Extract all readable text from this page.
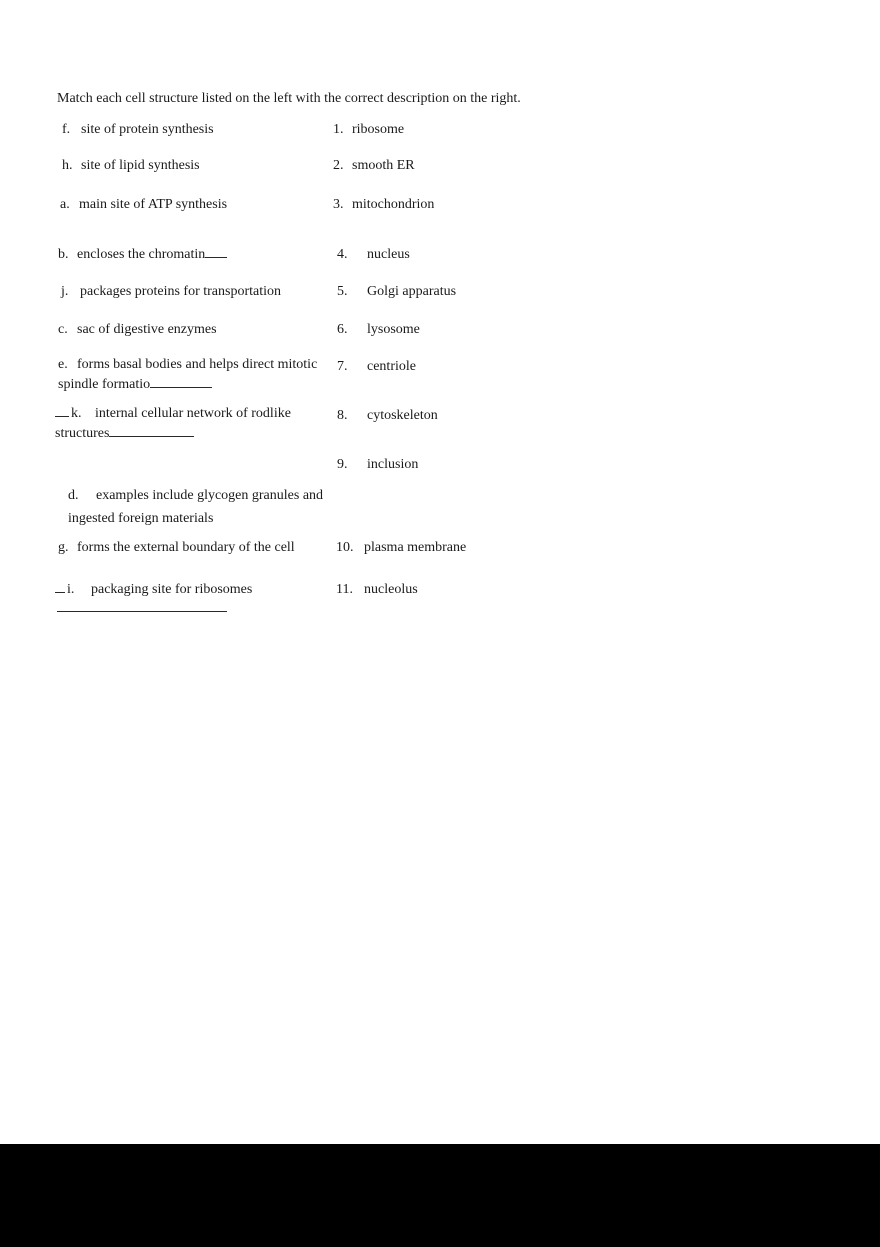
Match each cell structure listed on the left with the correct description on the right.
f. site of protein synthesis
h. site of lipid synthesis
a. main site of ATP synthesis
b. encloses the chromatin
j. packages proteins for transportation
c. sac of digestive enzymes
e. forms basal bodies and helps direct mitotic spindle formatio
k. internal cellular network of rodlike structures
d. examples include glycogen granules and ingested foreign materials
g. forms the external boundary of the cell
i. packaging site for ribosomes
1. ribosome
2. smooth ER
3. mitochondrion
4. nucleus
5. Golgi apparatus
6. lysosome
7. centriole
8. cytoskeleton
9. inclusion
10. plasma membrane
11. nucleolus
